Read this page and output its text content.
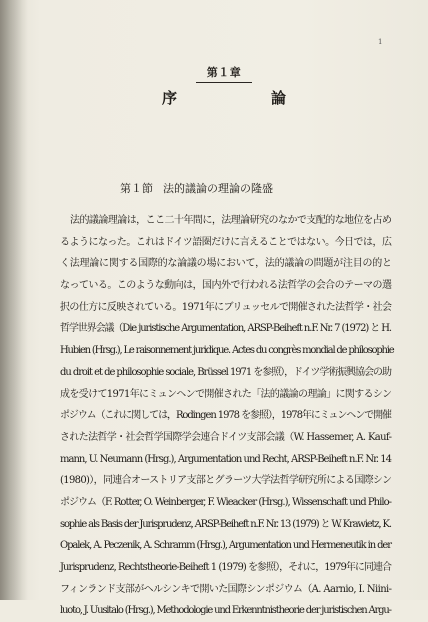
1
第１章
序	論
第１節 法的議論の理論の隆盛
法的議論理論は，ここ二十年間に，法理論研究のなかで支配的な地位を占め
るようになった。これはドイツ語圏だけに言えることではない。今日では，広
く法理論に関する国際的な論議の場において，法的議論の問題が注目の的と
なっている。このような動向は，国内外で行われる法哲学の会合のテーマの選
択の仕方に反映されている。1971年にブリュッセルで開催された法哲学・社会
哲学世界会議（Die juristische Argumentation, ARSP-Beiheft n.F. Nr. 7 (1972) と H.
Hubien (Hrsg.), Le raisonnement juridique. Actes du congrès mondial de philosophie
du droit et de philosophie sociale, Brüssel 1971 を参照），ドイツ学術振興協会の助
成を受けて1971年にミュンヘンで開催された「法的議論の理論」に関するシン
ポジウム（これに関しては，Rodingen 1978 を参照），1978年にミュンヘンで開催
された法哲学・社会哲学国際学会連合ドイツ支部会議（W. Hassemer, A. Kauf-
mann, U. Neumann (Hrsg.), Argumentation und Recht, ARSP-Beiheft n.F. Nr. 14
(1980)），同連合オーストリア支部とグラーツ大学法哲学研究所による国際シン
ポジウム（F. Rotter, O. Weinberger, F. Wieacker (Hrsg.), Wissenschaft und Philo-
sophie als Basis der Jurisprudenz, ARSP-Beiheft n.F. Nr. 13 (1979) と W. Krawietz, K.
Opalek, A. Peczenik, A. Schramm (Hrsg.), Argumentation und Hermeneutik in der
Jurisprudenz, Rechtstheorie-Beiheft 1 (1979) を参照），それに，1979年に同連合
フィンランド支部がヘルシンキで開いた国際シンポジウム（A. Aarnio, I. Niini-
luoto, J. Uusitalo (Hrsg.), Methodologie und Erkenntnistheorie der juristischen Argu-
